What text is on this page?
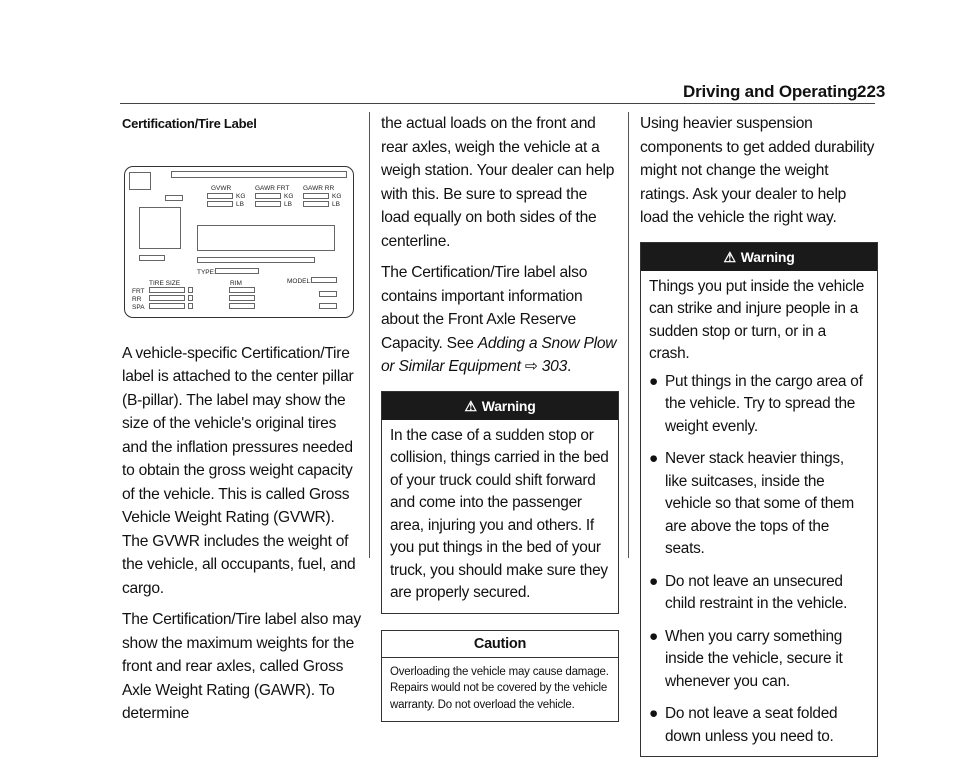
Driving and Operating 223

Certification/Tire Label

GVWR	GAWR FRT GAWR RR
KG
LB
KG
LB
KG
LB
TYPE:
TIRE SIZE	RIM	MODEL:
FRT
RR
SPA

A vehicle-specific Certification/Tire label is attached to the center pillar (B-pillar). The label may show the size of the vehicle's original tires and the inflation pressures needed to obtain the gross weight capacity of the vehicle. This is called Gross Vehicle Weight Rating (GVWR). The GVWR includes the weight of the vehicle, all occupants, fuel, and cargo.

The Certification/Tire label also may show the maximum weights for the front and rear axles, called Gross Axle Weight Rating (GAWR). To determine

the actual loads on the front and rear axles, weigh the vehicle at a weigh station. Your dealer can help with this. Be sure to spread the load equally on both sides of the centerline.

The Certification/Tire label also contains important information about the Front Axle Reserve Capacity. See Adding a Snow Plow or Similar Equipment ⇨ 303.

⚠ Warning
In the case of a sudden stop or collision, things carried in the bed of your truck could shift forward and come into the passenger area, injuring you and others. If you put things in the bed of your truck, you should make sure they are properly secured.
Caution
Overloading the vehicle may cause damage. Repairs would not be covered by the vehicle warranty. Do not overload the vehicle.

Using heavier suspension components to get added durability might not change the weight ratings. Ask your dealer to help load the vehicle the right way.

⚠ Warning
Things you put inside the vehicle can strike and injure people in a sudden stop or turn, or in a crash.
● Put things in the cargo area of the vehicle. Try to spread the weight evenly.
● Never stack heavier things, like suitcases, inside the vehicle so that some of them are above the tops of the seats.
● Do not leave an unsecured child restraint in the vehicle.
● When you carry something inside the vehicle, secure it whenever you can.
● Do not leave a seat folded down unless you need to.
